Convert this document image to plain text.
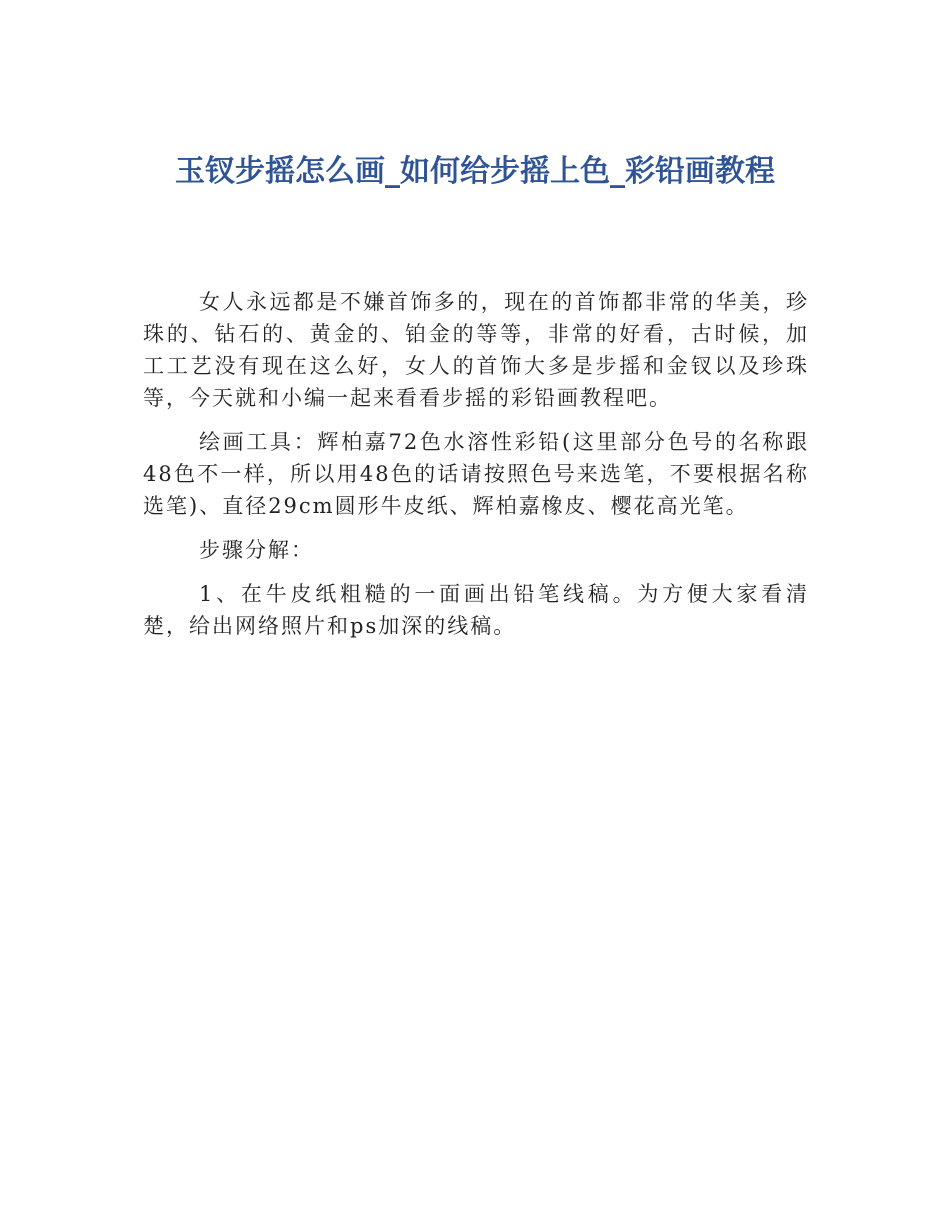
玉钗步摇怎么画_如何给步摇上色_彩铅画教程

女人永远都是不嫌首饰多的，现在的首饰都非常的华美，珍珠的、钻石的、黄金的、铂金的等等，非常的好看，古时候，加工工艺没有现在这么好，女人的首饰大多是步摇和金钗以及珍珠等，今天就和小编一起来看看步摇的彩铅画教程吧。

绘画工具：辉柏嘉72色水溶性彩铅(这里部分色号的名称跟48色不一样，所以用48色的话请按照色号来选笔，不要根据名称选笔)、直径29cm圆形牛皮纸、辉柏嘉橡皮、樱花高光笔。

步骤分解：

1、在牛皮纸粗糙的一面画出铅笔线稿。为方便大家看清楚，给出网络照片和ps加深的线稿。
